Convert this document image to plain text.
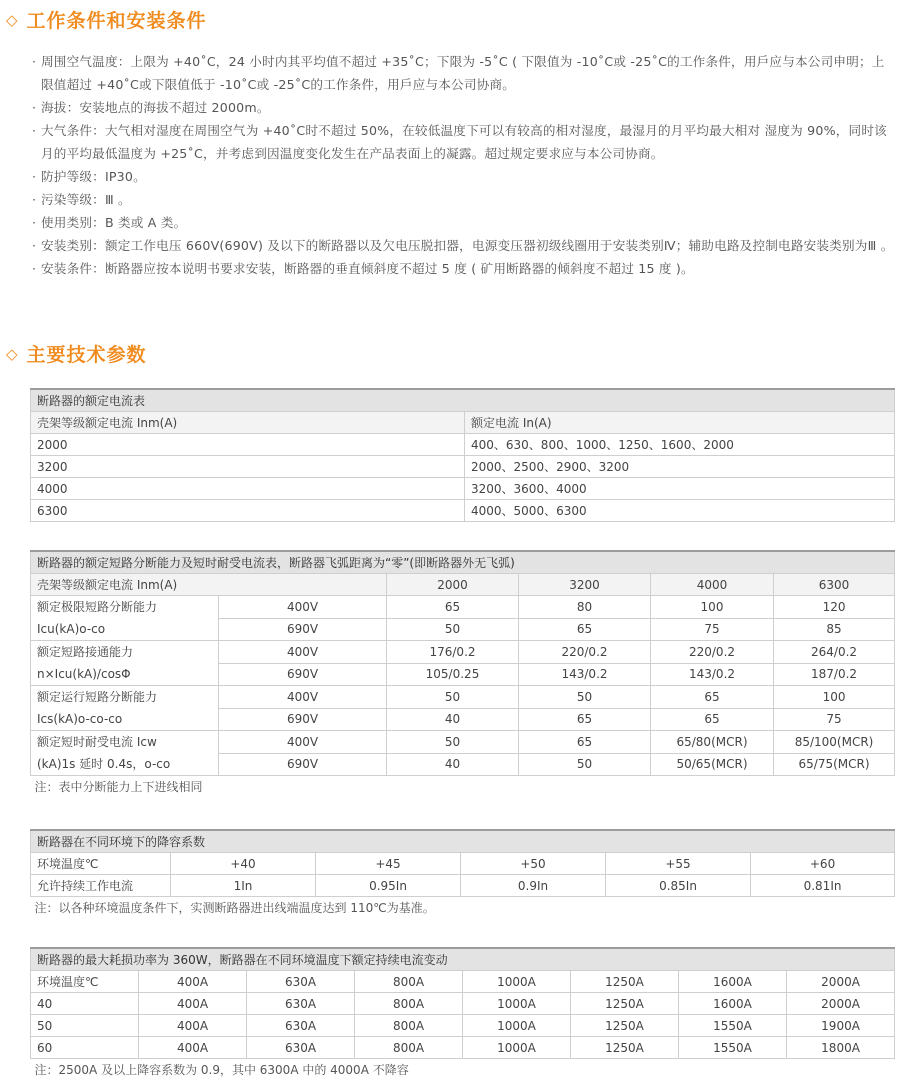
◇ 工作条件和安装条件
· 周围空气温度：上限为 +40˚C，24 小时内其平均值不超过 +35˚C；下限为 -5˚C ( 下限值为 -10˚C或 -25˚C的工作条件，用戶应与本公司申明；上限值超过 +40˚C或下限值低于 -10˚C或 -25˚C的工作条件，用戶应与本公司协商。
· 海拔：安装地点的海拔不超过 2000m。
· 大气条件：大气相对湿度在周围空气为 +40˚C时不超过 50%，在较低温度下可以有较高的相对湿度，最湿月的月平均最大相对 湿度为 90%，同时该月的平均最低温度为 +25˚C，并考虑到因温度变化发生在产品表面上的凝露。超过规定要求应与本公司协商。
· 防护等级：IP30。
· 污染等级：Ⅲ 。
· 使用类别：B 类或 A 类。
· 安装类别：额定工作电压 660V(690V) 及以下的断路器以及欠电压脱扣器，电源变压器初级线圈用于安装类别Ⅳ；辅助电路及控制电路安装类别为Ⅲ 。
· 安装条件：断路器应按本说明书要求安装，断路器的垂直倾斜度不超过 5 度 ( 矿用断路器的倾斜度不超过 15 度 )。
◇ 主要技术参数
断路器的额定电流表	
壳架等级额定电流 Inm(A)	额定电流 In(A)
2000	400、630、800、1000、1250、1600、2000
3200	2000、2500、2900、3200
4000	3200、3600、4000
6300	4000、5000、6300
断路器的额定短路分断能力及短时耐受电流表，断路器飞弧距离为“零”(即断路器外无飞弧)					
壳架等级额定电流 Inm(A)		2000	3200	4000	6300
额定极限短路分断能力
Icu(kA)o-co	400V	65	80	100	120
	690V	50	65	75	85
额定短路接通能力
n×Icu(kA)/cosΦ	400V	176/0.2	220/0.2	220/0.2	264/0.2
	690V	105/0.25	143/0.2	143/0.2	187/0.2
额定运行短路分断能力
Ics(kA)o-co-co	400V	50	50	65	100
	690V	40	65	65	75
额定短时耐受电流 Icw
(kA)1s 延时 0.4s，o-co	400V	50	65	65/80(MCR)	85/100(MCR)
	690V	40	50	50/65(MCR)	65/75(MCR)
注：表中分断能力上下进线相同					
断路器在不同环境下的降容系数					
环境温度℃	+40	+45	+50	+55	+60
允许持续工作电流	1In	0.95In	0.9In	0.85In	0.81In
注：以各种环境温度条件下，实测断路器进出线端温度达到 110℃为基准。					
断路器的最大耗损功率为 360W，断路器在不同环境温度下额定持续电流变动							
环境温度℃	400A	630A	800A	1000A	1250A	1600A	2000A
40	400A	630A	800A	1000A	1250A	1600A	2000A
50	400A	630A	800A	1000A	1250A	1550A	1900A
60	400A	630A	800A	1000A	1250A	1550A	1800A
注：2500A 及以上降容系数为 0.9，其中 6300A 中的 4000A 不降容							
